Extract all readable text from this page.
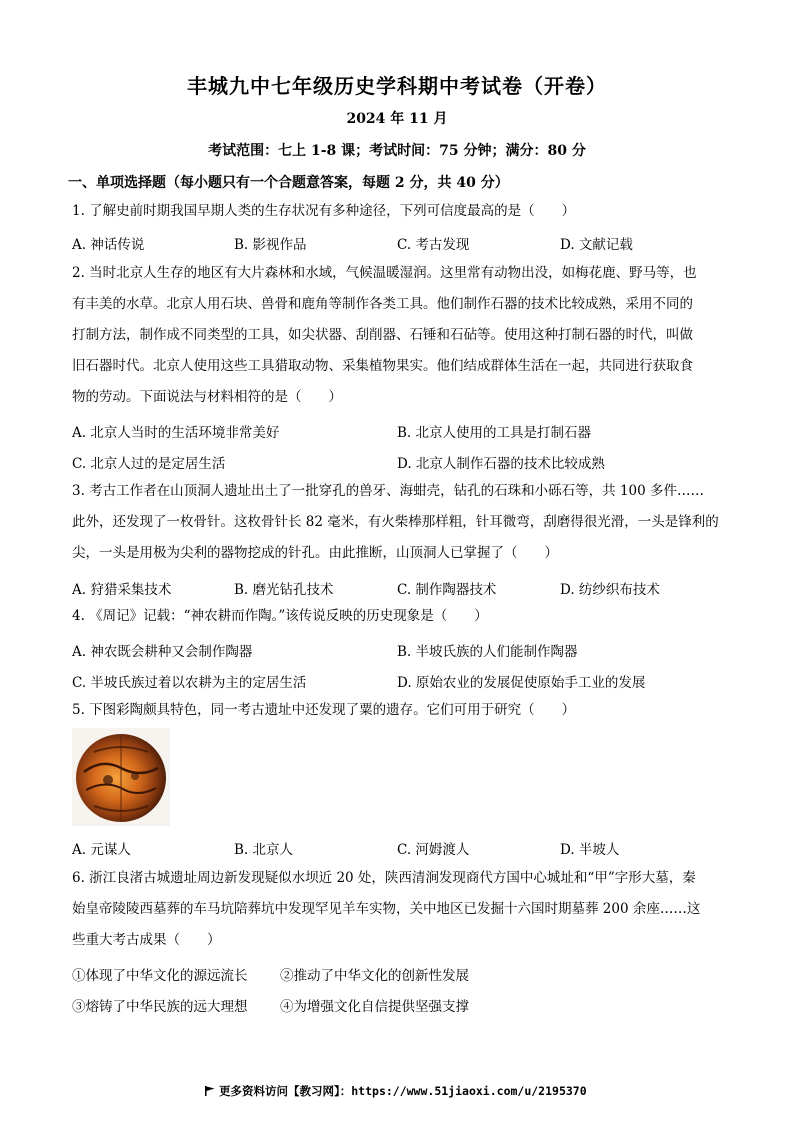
丰城九中七年级历史学科期中考试卷（开卷）
2024 年 11 月
考试范围：七上 1-8 课；考试时间：75 分钟；满分：80 分
一、单项选择题（每小题只有一个合题意答案，每题 2 分，共 40 分）

1. 了解史前时期我国早期人类的生存状况有多种途径，下列可信度最高的是（　　）

A. 神话传说	B. 影视作品	C. 考古发现	D. 文献记载

2. 当时北京人生存的地区有大片森林和水域，气候温暖湿润。这里常有动物出没，如梅花鹿、野马等，也

有丰美的水草。北京人用石块、兽骨和鹿角等制作各类工具。他们制作石器的技术比较成熟，采用不同的

打制方法，制作成不同类型的工具，如尖状器、刮削器、石锤和石砧等。使用这种打制石器的时代，叫做

旧石器时代。北京人使用这些工具猎取动物、采集植物果实。他们结成群体生活在一起，共同进行获取食

物的劳动。下面说法与材料相符的是（　　）

A. 北京人当时的生活环境非常美好	B. 北京人使用的工具是打制石器
C. 北京人过的是定居生活	D. 北京人制作石器的技术比较成熟

3. 考古工作者在山顶洞人遗址出土了一批穿孔的兽牙、海蚶壳，钻孔的石珠和小砾石等，共 100 多件……

此外，还发现了一枚骨针。这枚骨针长 82 毫米，有火柴棒那样粗，针耳微弯，刮磨得很光滑，一头是锋利的

尖，一头是用极为尖利的器物挖成的针孔。由此推断，山顶洞人已掌握了（　　）

A. 狩猎采集技术	B. 磨光钻孔技术	C. 制作陶器技术	D. 纺纱织布技术

4. 《周记》记载：“神农耕而作陶。”该传说反映的历史现象是（　　）

A. 神农既会耕种又会制作陶器	B. 半坡氏族的人们能制作陶器
C. 半坡氏族过着以农耕为主的定居生活	D. 原始农业的发展促使原始手工业的发展

5. 下图彩陶颇具特色，同一考古遗址中还发现了粟的遗存。它们可用于研究（　　）

A. 元谋人	B. 北京人	C. 河姆渡人	D. 半坡人

6. 浙江良渚古城遗址周边新发现疑似水坝近 20 处，陕西清涧发现商代方国中心城址和“甲”字形大墓，秦

始皇帝陵陵西墓葬的车马坑陪葬坑中发现罕见羊车实物，关中地区已发掘十六国时期墓葬 200 余座……这

些重大考古成果（　　）

①体现了中华文化的源远流长 ②推动了中华文化的创新性发展
③熔铸了中华民族的远大理想 ④为增强文化自信提供坚强支撑
更多资料访问【教习网】：https://www.51jiaoxi.com/u/2195370
